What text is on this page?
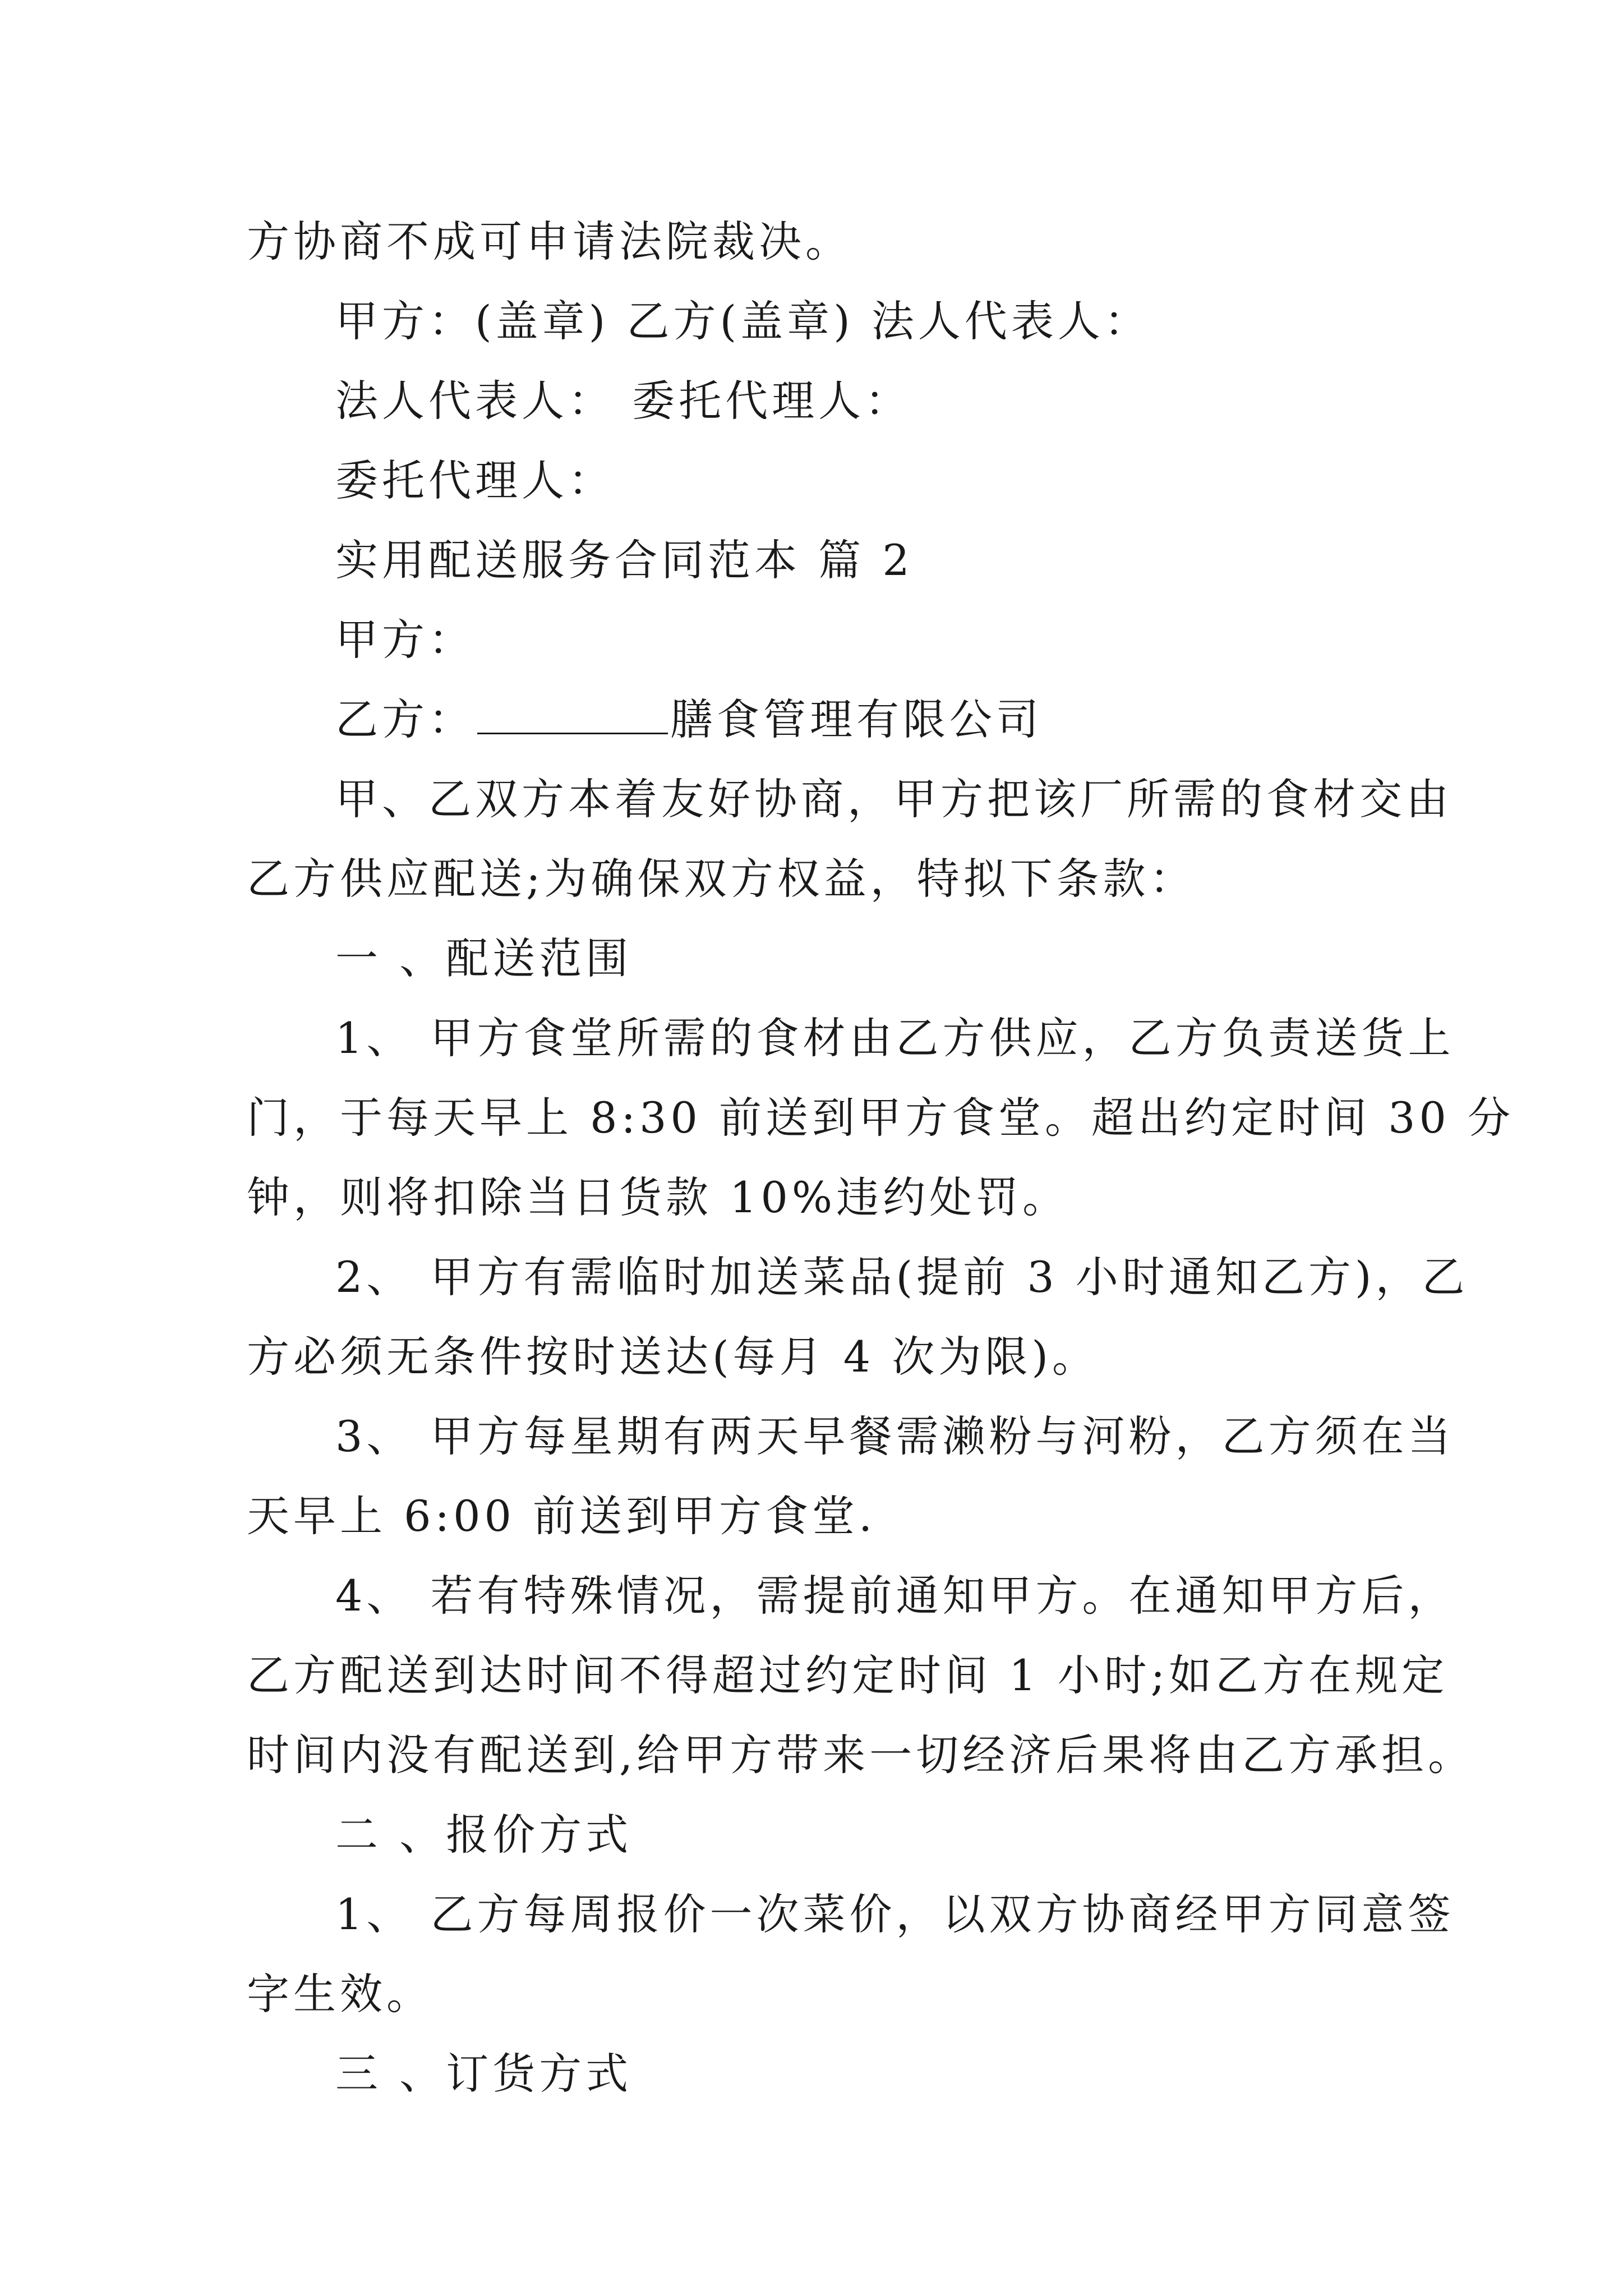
方协商不成可申请法院裁决。
甲方：(盖章) 乙方(盖章) 法人代表人：
法人代表人： 委托代理人：
委托代理人：
实用配送服务合同范本 篇 2
甲方：
乙方：	膳食管理有限公司
甲、乙双方本着友好协商，甲方把该厂所需的食材交由
乙方供应配送;为确保双方权益，特拟下条款：
一 、配送范围
1、 甲方食堂所需的食材由乙方供应，乙方负责送货上
门，于每天早上 8:30 前送到甲方食堂。超出约定时间 30 分
钟，则将扣除当日货款 10%违约处罚。
2、 甲方有需临时加送菜品(提前 3 小时通知乙方)，乙
方必须无条件按时送达(每月 4 次为限)。
3、 甲方每星期有两天早餐需濑粉与河粉，乙方须在当
天早上 6:00 前送到甲方食堂.
4、 若有特殊情况，需提前通知甲方。在通知甲方后，
乙方配送到达时间不得超过约定时间 1 小时;如乙方在规定
时间内没有配送到,给甲方带来一切经济后果将由乙方承担。
二 、报价方式
1、 乙方每周报价一次菜价，以双方协商经甲方同意签
字生效。
三 、订货方式
